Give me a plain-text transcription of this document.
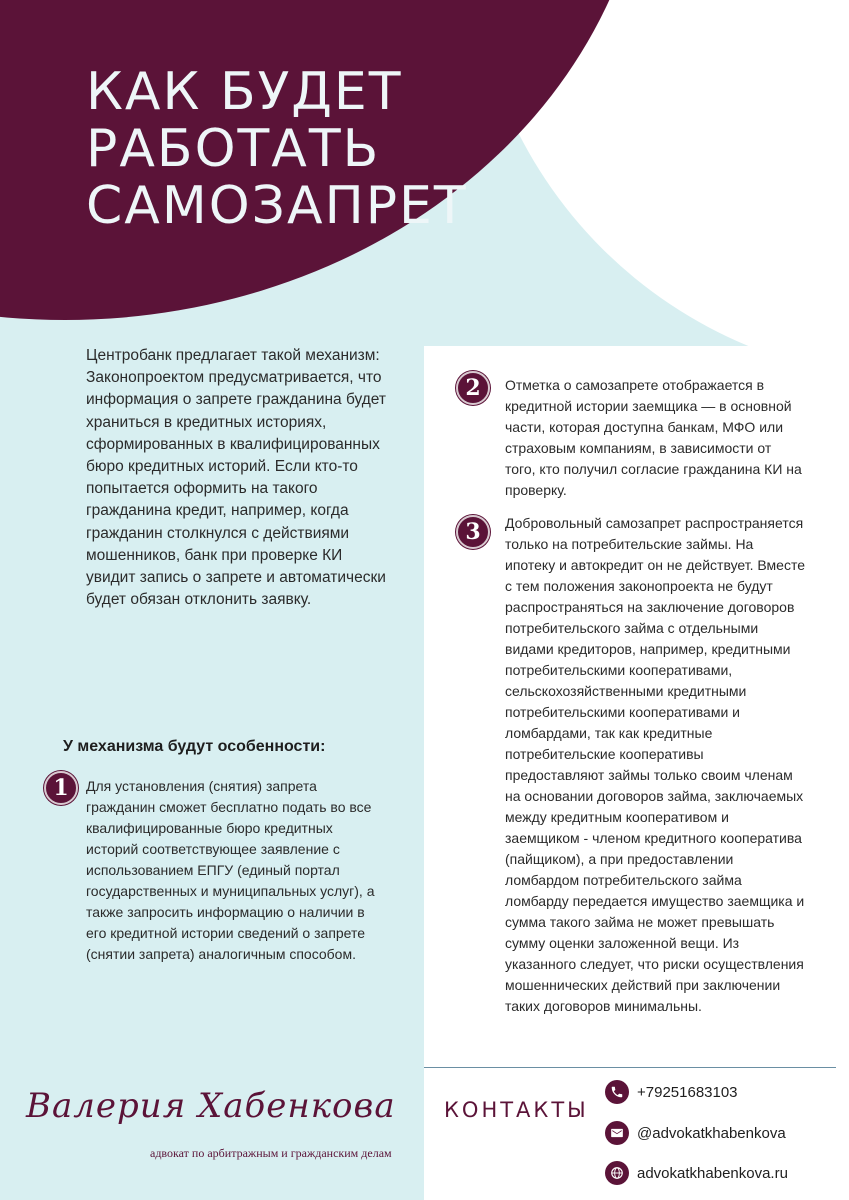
КАК БУДЕТ
РАБОТАТЬ
САМОЗАПРЕТ

Центробанк предлагает такой механизм: Законопроектом предусматривается, что информация о запрете гражданина будет храниться в кредитных историях, сформированных в квалифицированных бюро кредитных историй. Если кто-то попытается оформить на такого гражданина кредит, например, когда гражданин столкнулся с действиями мошенников, банк при проверке КИ увидит запись о запрете и автоматически будет обязан отклонить заявку.

У механизма будут особенности:
1	Для установления (снятия) запрета гражданин сможет бесплатно подать во все квалифицированные бюро кредитных историй соответствующее заявление с использованием ЕПГУ (единый портал государственных и муниципальных услуг), а также запросить информацию о наличии в его кредитной истории сведений о запрете (снятии запрета) аналогичным способом.

2	Отметка о самозапрете отображается в кредитной истории заемщика — в основной части, которая доступна банкам, МФО или страховым компаниям, в зависимости от того, кто получил согласие гражданина КИ на проверку.

3	Добровольный самозапрет распространяется только на потребительские займы. На ипотеку и автокредит он не действует. Вместе с тем положения законопроекта не будут распространяться на заключение договоров потребительского займа с отдельными видами кредиторов, например, кредитными потребительскими кооперативами, сельскохозяйственными кредитными потребительскими кооперативами и ломбардами, так как кредитные потребительские кооперативы предоставляют займы только своим членам на основании договоров займа, заключаемых между кредитным кооперативом и заемщиком - членом кредитного кооператива (пайщиком), а при предоставлении ломбардом потребительского займа ломбарду передается имущество заемщика и сумма такого займа не может превышать сумму оценки заложенной вещи. Из указанного следует, что риски осуществления мошеннических действий при заключении таких договоров минимальны.

Валерия Хабенкова
адвокат по арбитражным и гражданским делам
КОНТАКТЫ
+79251683103
@advokatkhabenkova
advokatkhabenkova.ru
